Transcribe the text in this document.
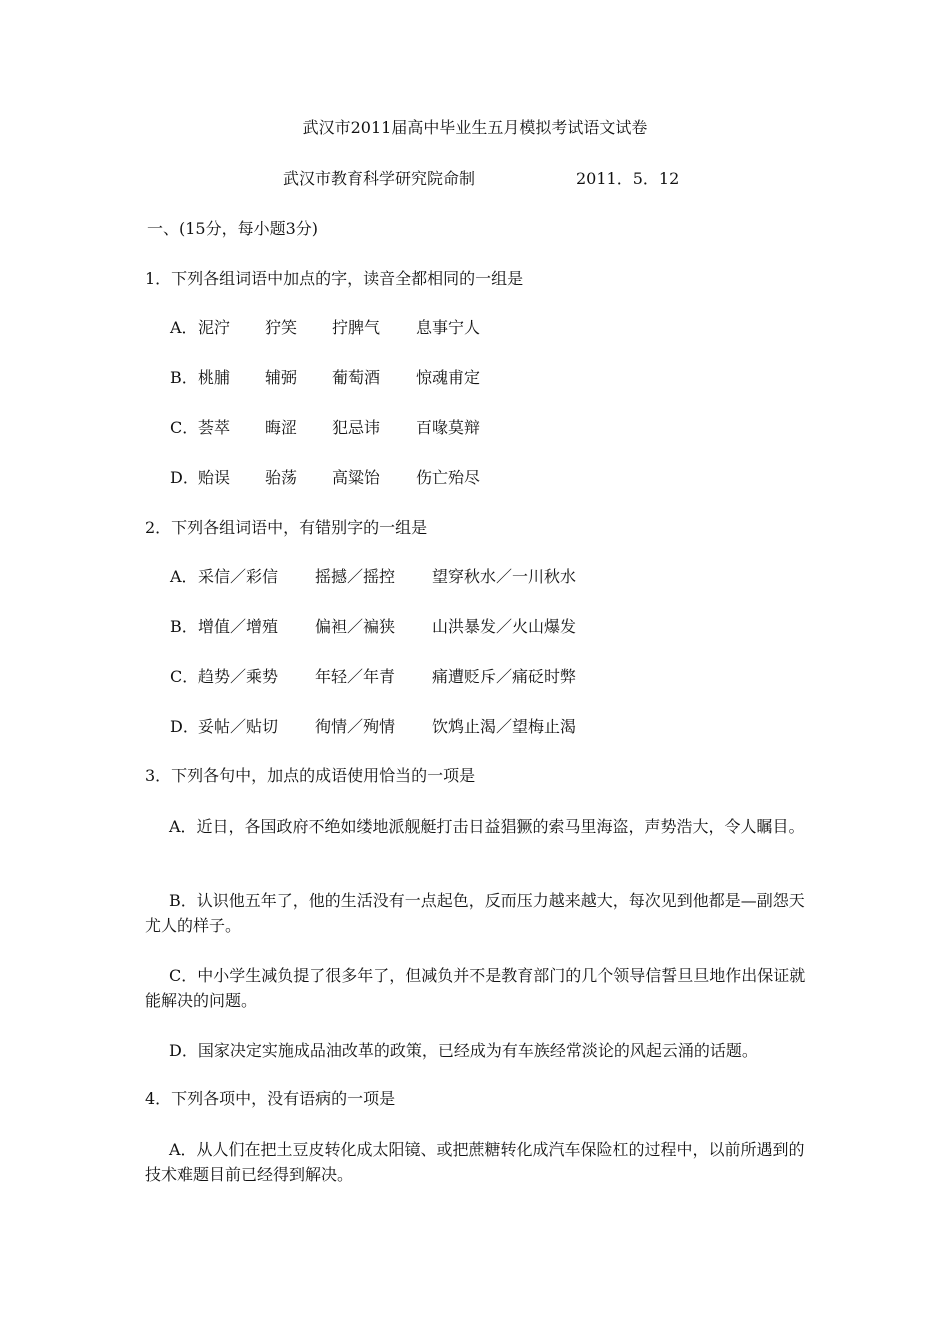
武汉市2011届高中毕业生五月模拟考试语文试卷
武汉市教育科学研究院命制	2011．5．12
一、(15分，每小题3分)
1．下列各组词语中加点的字，读音全都相同的一组是
A． 泥泞 狞笑 拧脾气 息事宁人
B． 桃脯 辅弼 葡萄酒 惊魂甫定
C． 荟萃 晦涩 犯忌讳 百喙莫辩
D． 贻误 骀荡 高粱饴 伤亡殆尽
2．下列各组词语中，有错别字的一组是
A． 采信／彩信 摇撼／摇控 望穿秋水／一川秋水
B． 增值／增殖 偏袒／褊狭 山洪暴发／火山爆发
C． 趋势／乘势 年轻／年青 痛遭贬斥／痛砭时弊
D． 妥帖／贴切 徇情／殉情 饮鸩止渴／望梅止渴
3．下列各句中，加点的成语使用恰当的一项是
A．近日，各国政府不绝如缕地派舰艇打击日益猖獗的索马里海盗，声势浩大，令人瞩目。
B．认识他五年了，他的生活没有一点起色，反而压力越来越大，每次见到他都是—副怨天尤人的样子。
C．中小学生减负提了很多年了，但减负并不是教育部门的几个领导信誓旦旦地作出保证就能解决的问题。
D．国家决定实施成品油改革的政策，已经成为有车族经常淡论的风起云涌的话题。
4．下列各项中，没有语病的一项是
A．从人们在把土豆皮转化成太阳镜、或把蔗糖转化成汽车保险杠的过程中，以前所遇到的技术难题目前已经得到解决。
